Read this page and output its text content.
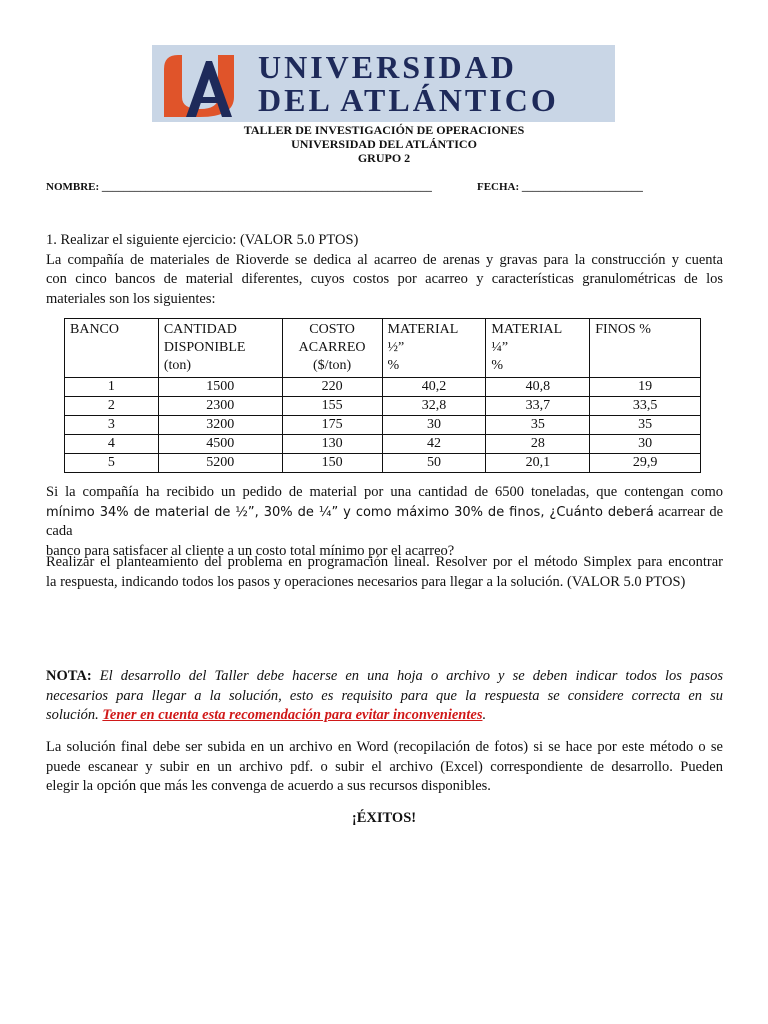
UNIVERSIDAD
DEL ATLÁNTICO
TALLER DE INVESTIGACIÓN DE OPERACIONES
UNIVERSIDAD DEL ATLÁNTICO
GRUPO 2
NOMBRE: ____________________________________________________________	FECHA: ______________________
1. Realizar el siguiente ejercicio: (VALOR 5.0 PTOS)
La compañía de materiales de Rioverde se dedica al acarreo de arenas y gravas para la construcción y cuenta
con cinco bancos de material diferentes, cuyos costos por acarreo y características granulométricas de los
materiales son los siguientes:
BANCO	CANTIDAD
DISPONIBLE
(ton)	COSTO
ACARREO
($/ton)	MATERIAL
½”
%	MATERIAL
¼”
%	FINOS %
1	1500	220	40,2	40,8	19
2	2300	155	32,8	33,7	33,5
3	3200	175	30	35	35
4	4500	130	42	28	30
5	5200	150	50	20,1	29,9
Si la compañía ha recibido un pedido de material por una cantidad de 6500 toneladas, que contengan como
mínimo 34% de material de ½”, 30% de ¼” y como máximo 30% de finos, ¿Cuánto deberá acarrear de cada
banco para satisfacer al cliente a un costo total mínimo por el acarreo?
Realizar el planteamiento del problema en programación lineal. Resolver por el método Simplex para encontrar
la respuesta, indicando todos los pasos y operaciones necesarios para llegar a la solución. (VALOR 5.0 PTOS)
NOTA: El desarrollo del Taller debe hacerse en una hoja o archivo y se deben indicar todos los pasos
necesarios para llegar a la solución, esto es requisito para que la respuesta se considere correcta en su
solución. Tener en cuenta esta recomendación para evitar inconvenientes.
La solución final debe ser subida en un archivo en Word (recopilación de fotos) si se hace por este método o se
puede escanear y subir en un archivo pdf. o subir el archivo (Excel) correspondiente de desarrollo. Pueden
elegir la opción que más les convenga de acuerdo a sus recursos disponibles.
¡ÉXITOS!
